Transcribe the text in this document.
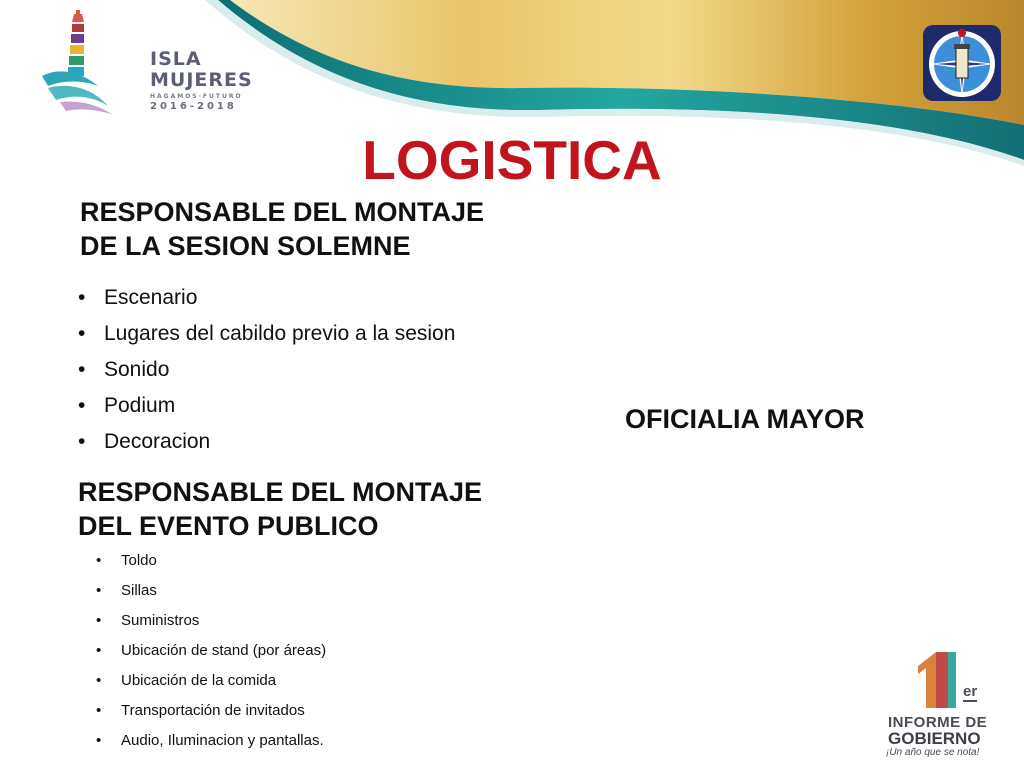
ISLA
MUJERES
HAGAMOS·FUTURO
2016-2018
LOGISTICA
RESPONSABLE DEL MONTAJE
DE LA SESION SOLEMNE
• Escenario
• Lugares del cabildo previo a la sesion
• Sonido
• Podium
• Decoracion
OFICIALIA MAYOR
RESPONSABLE DEL MONTAJE
DEL EVENTO PUBLICO
• Toldo
• Sillas
• Suministros
• Ubicación de stand (por áreas)
• Ubicación de la comida
• Transportación de invitados
• Audio, Iluminacion y pantallas.
er
INFORME DE
GOBIERNO
¡Un año que se nota!
